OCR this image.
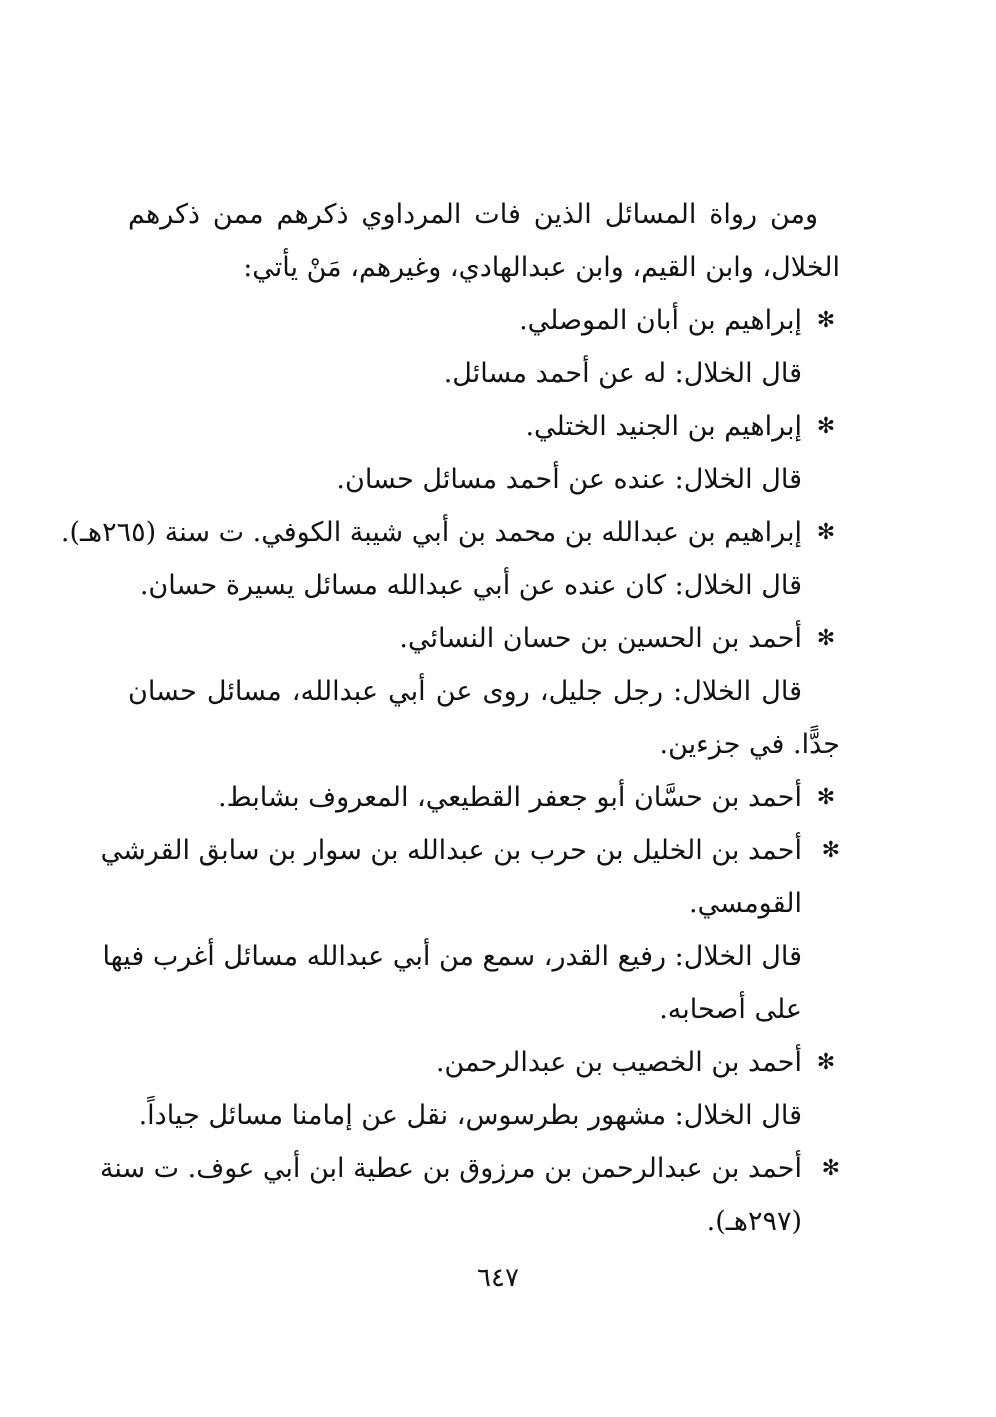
ومن رواة المسائل الذين فات المرداوي ذكرهم ممن ذكرهم
الخلال، وابن القيم، وابن عبدالهادي، وغيرهم، مَنْ يأتي:
✻
إبراهيم بن أبان الموصلي.
قال الخلال: له عن أحمد مسائل.
✻
إبراهيم بن الجنيد الختلي.
قال الخلال: عنده عن أحمد مسائل حسان.
✻
إبراهيم بن عبدالله بن محمد بن أبي شيبة الكوفي. ت سنة (٢٦٥هـ).
قال الخلال: كان عنده عن أبي عبدالله مسائل يسيرة حسان.
✻
أحمد بن الحسين بن حسان النسائي.
قال الخلال: رجل جليل، روى عن أبي عبدالله، مسائل حسان
جدًّا. في جزءين.
✻
أحمد بن حسَّان أبو جعفر القطيعي، المعروف بشابط.
✻
أحمد بن الخليل بن حرب بن عبدالله بن سوار بن سابق القرشي
القومسي.
قال الخلال: رفيع القدر، سمع من أبي عبدالله مسائل أغرب فيها
على أصحابه.
✻
أحمد بن الخصيب بن عبدالرحمن.
قال الخلال: مشهور بطرسوس، نقل عن إمامنا مسائل جياداً.
✻
أحمد بن عبدالرحمن بن مرزوق بن عطية ابن أبي عوف. ت سنة
(٢٩٧هـ).
٦٤٧
